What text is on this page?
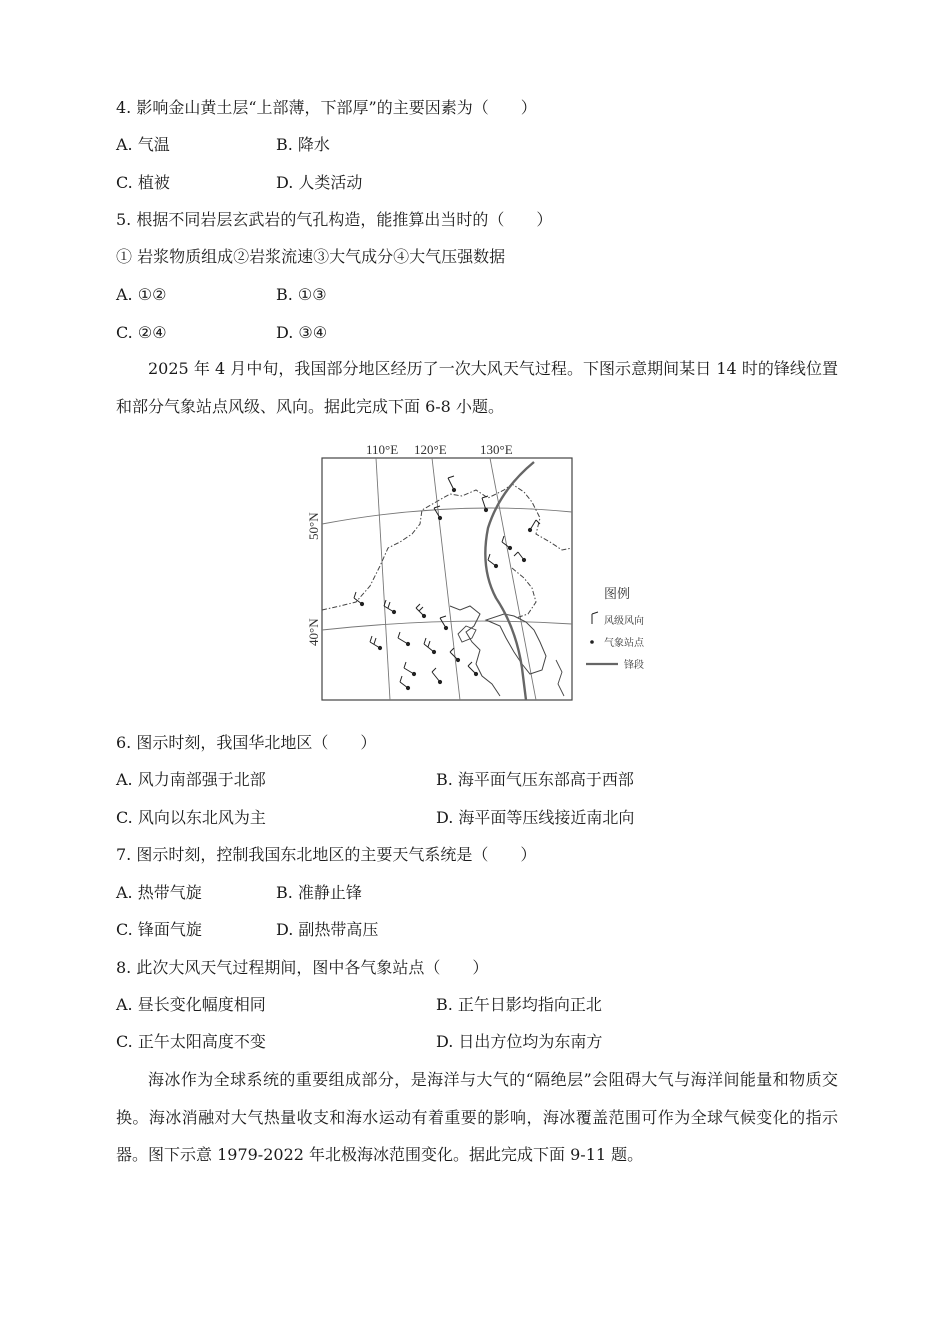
4. 影响金山黄土层“上部薄，下部厚”的主要因素为（　　）
A. 气温	B. 降水
C. 植被	D. 人类活动
5. 根据不同岩层玄武岩的气孔构造，能推算出当时的（　　）
① 岩浆物质组成②岩浆流速③大气成分④大气压强数据
A. ①②	B. ①③
C. ②④	D. ③④
2025 年 4 月中旬，我国部分地区经历了一次大风天气过程。下图示意期间某日 14 时的锋线位置和部分气象站点风级、风向。据此完成下面 6-8 小题。
110°E 120°E	130°E
50°N
40°N
图例
风级风向
气象站点
锋段
6. 图示时刻，我国华北地区（　　）
A. 风力南部强于北部	B. 海平面气压东部高于西部
C. 风向以东北风为主	D. 海平面等压线接近南北向
7. 图示时刻，控制我国东北地区的主要天气系统是（　　）
A. 热带气旋	B. 准静止锋
C. 锋面气旋	D. 副热带高压
8. 此次大风天气过程期间，图中各气象站点（　　）
A. 昼长变化幅度相同	B. 正午日影均指向正北
C. 正午太阳高度不变	D. 日出方位均为东南方
海冰作为全球系统的重要组成部分，是海洋与大气的“隔绝层”会阻碍大气与海洋间能量和物质交换。海冰消融对大气热量收支和海水运动有着重要的影响，海冰覆盖范围可作为全球气候变化的指示器。图下示意 1979-2022 年北极海冰范围变化。据此完成下面 9-11 题。
